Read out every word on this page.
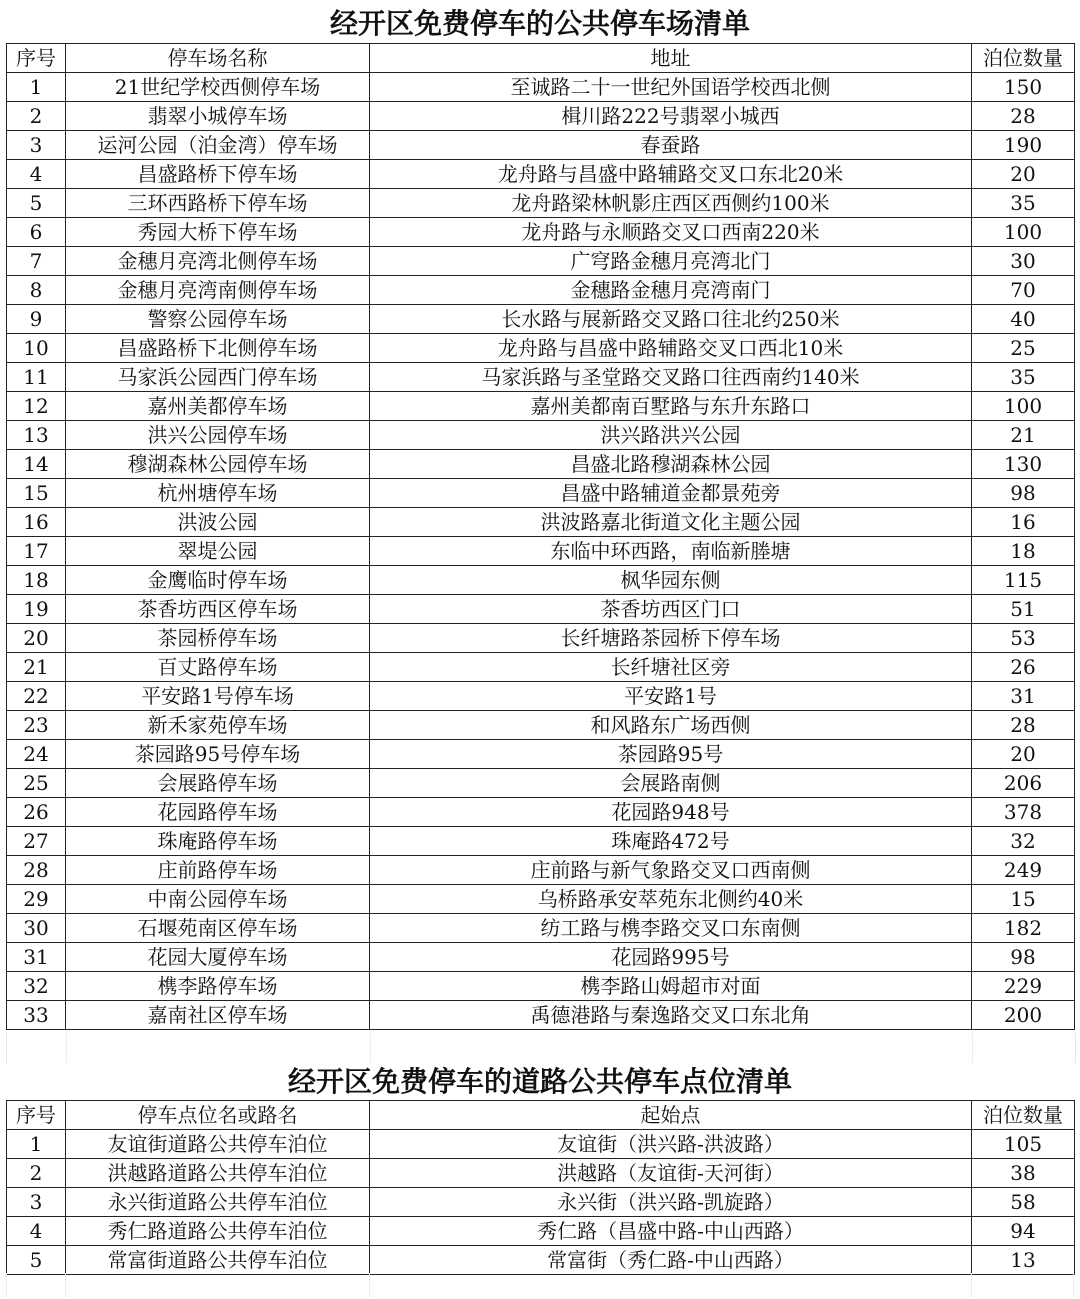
经开区免费停车的公共停车场清单
序号	停车场名称	地址	泊位数量
1	21世纪学校西侧停车场	至诚路二十一世纪外国语学校西北侧	150
2	翡翠小城停车场	楫川路222号翡翠小城西	28
3	运河公园（泊金湾）停车场	春蚕路	190
4	昌盛路桥下停车场	龙舟路与昌盛中路辅路交叉口东北20米	20
5	三环西路桥下停车场	龙舟路梁林帆影庄西区西侧约100米	35
6	秀园大桥下停车场	龙舟路与永顺路交叉口西南220米	100
7	金穗月亮湾北侧停车场	广穹路金穗月亮湾北门	30
8	金穗月亮湾南侧停车场	金穗路金穗月亮湾南门	70
9	警察公园停车场	长水路与展新路交叉路口往北约250米	40
10	昌盛路桥下北侧停车场	龙舟路与昌盛中路辅路交叉口西北10米	25
11	马家浜公园西门停车场	马家浜路与圣堂路交叉路口往西南约140米	35
12	嘉州美都停车场	嘉州美都南百墅路与东升东路口	100
13	洪兴公园停车场	洪兴路洪兴公园	21
14	穆湖森林公园停车场	昌盛北路穆湖森林公园	130
15	杭州塘停车场	昌盛中路辅道金都景苑旁	98
16	洪波公园	洪波路嘉北街道文化主题公园	16
17	翠堤公园	东临中环西路，南临新塍塘	18
18	金鹰临时停车场	枫华园东侧	115
19	茶香坊西区停车场	茶香坊西区门口	51
20	茶园桥停车场	长纤塘路茶园桥下停车场	53
21	百丈路停车场	长纤塘社区旁	26
22	平安路1号停车场	平安路1号	31
23	新禾家苑停车场	和风路东广场西侧	28
24	茶园路95号停车场	茶园路95号	20
25	会展路停车场	会展路南侧	206
26	花园路停车场	花园路948号	378
27	珠庵路停车场	珠庵路472号	32
28	庄前路停车场	庄前路与新气象路交叉口西南侧	249
29	中南公园停车场	乌桥路承安萃苑东北侧约40米	15
30	石堰苑南区停车场	纺工路与槜李路交叉口东南侧	182
31	花园大厦停车场	花园路995号	98
32	槜李路停车场	槜李路山姆超市对面	229
33	嘉南社区停车场	禹德港路与秦逸路交叉口东北角	200
经开区免费停车的道路公共停车点位清单
序号	停车点位名或路名	起始点	泊位数量
1	友谊街道路公共停车泊位	友谊街（洪兴路-洪波路）	105
2	洪越路道路公共停车泊位	洪越路（友谊街-天河街）	38
3	永兴街道路公共停车泊位	永兴街（洪兴路-凯旋路）	58
4	秀仁路道路公共停车泊位	秀仁路（昌盛中路-中山西路）	94
5	常富街道路公共停车泊位	常富街（秀仁路-中山西路）	13
